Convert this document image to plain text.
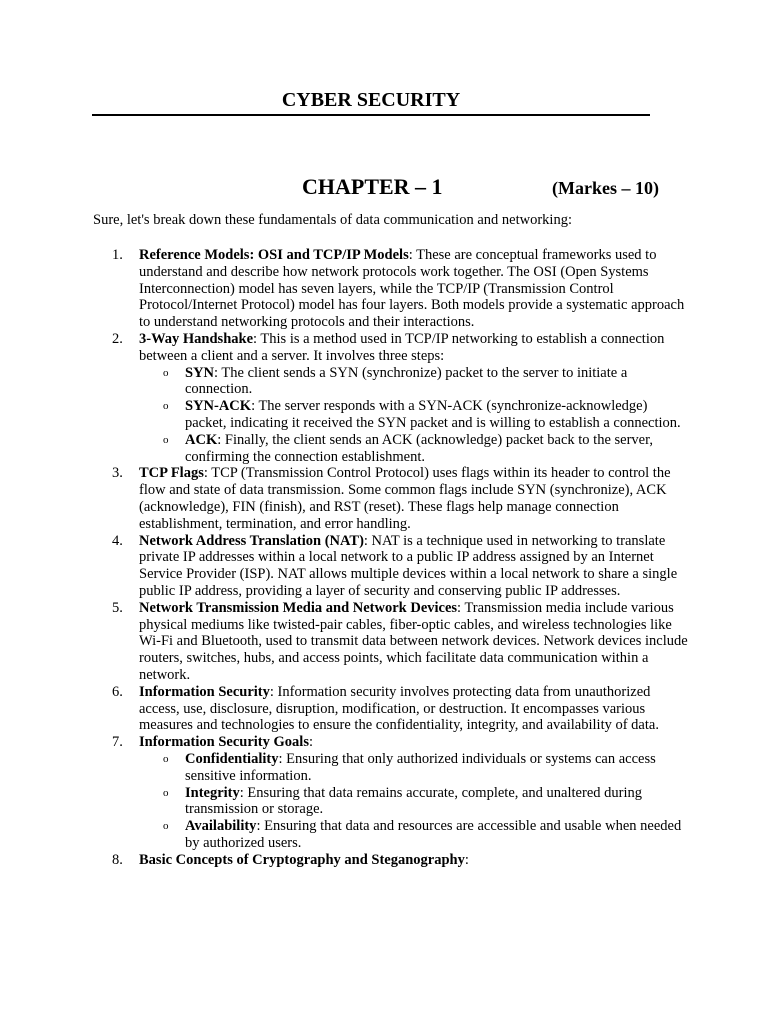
CYBER SECURITY
CHAPTER – 1	(Markes – 10)
Sure, let's break down these fundamentals of data communication and networking:
1. Reference Models: OSI and TCP/IP Models: These are conceptual frameworks used to understand and describe how network protocols work together. The OSI (Open Systems Interconnection) model has seven layers, while the TCP/IP (Transmission Control Protocol/Internet Protocol) model has four layers. Both models provide a systematic approach to understand networking protocols and their interactions.
2. 3-Way Handshake: This is a method used in TCP/IP networking to establish a connection between a client and a server. It involves three steps:
o SYN: The client sends a SYN (synchronize) packet to the server to initiate a connection.
o SYN-ACK: The server responds with a SYN-ACK (synchronize-acknowledge) packet, indicating it received the SYN packet and is willing to establish a connection.
o ACK: Finally, the client sends an ACK (acknowledge) packet back to the server, confirming the connection establishment.
3. TCP Flags: TCP (Transmission Control Protocol) uses flags within its header to control the flow and state of data transmission. Some common flags include SYN (synchronize), ACK (acknowledge), FIN (finish), and RST (reset). These flags help manage connection establishment, termination, and error handling.
4. Network Address Translation (NAT): NAT is a technique used in networking to translate private IP addresses within a local network to a public IP address assigned by an Internet Service Provider (ISP). NAT allows multiple devices within a local network to share a single public IP address, providing a layer of security and conserving public IP addresses.
5. Network Transmission Media and Network Devices: Transmission media include various physical mediums like twisted-pair cables, fiber-optic cables, and wireless technologies like Wi-Fi and Bluetooth, used to transmit data between network devices. Network devices include routers, switches, hubs, and access points, which facilitate data communication within a network.
6. Information Security: Information security involves protecting data from unauthorized access, use, disclosure, disruption, modification, or destruction. It encompasses various measures and technologies to ensure the confidentiality, integrity, and availability of data.
7. Information Security Goals:
o Confidentiality: Ensuring that only authorized individuals or systems can access sensitive information.
o Integrity: Ensuring that data remains accurate, complete, and unaltered during transmission or storage.
o Availability: Ensuring that data and resources are accessible and usable when needed by authorized users.
8. Basic Concepts of Cryptography and Steganography:
